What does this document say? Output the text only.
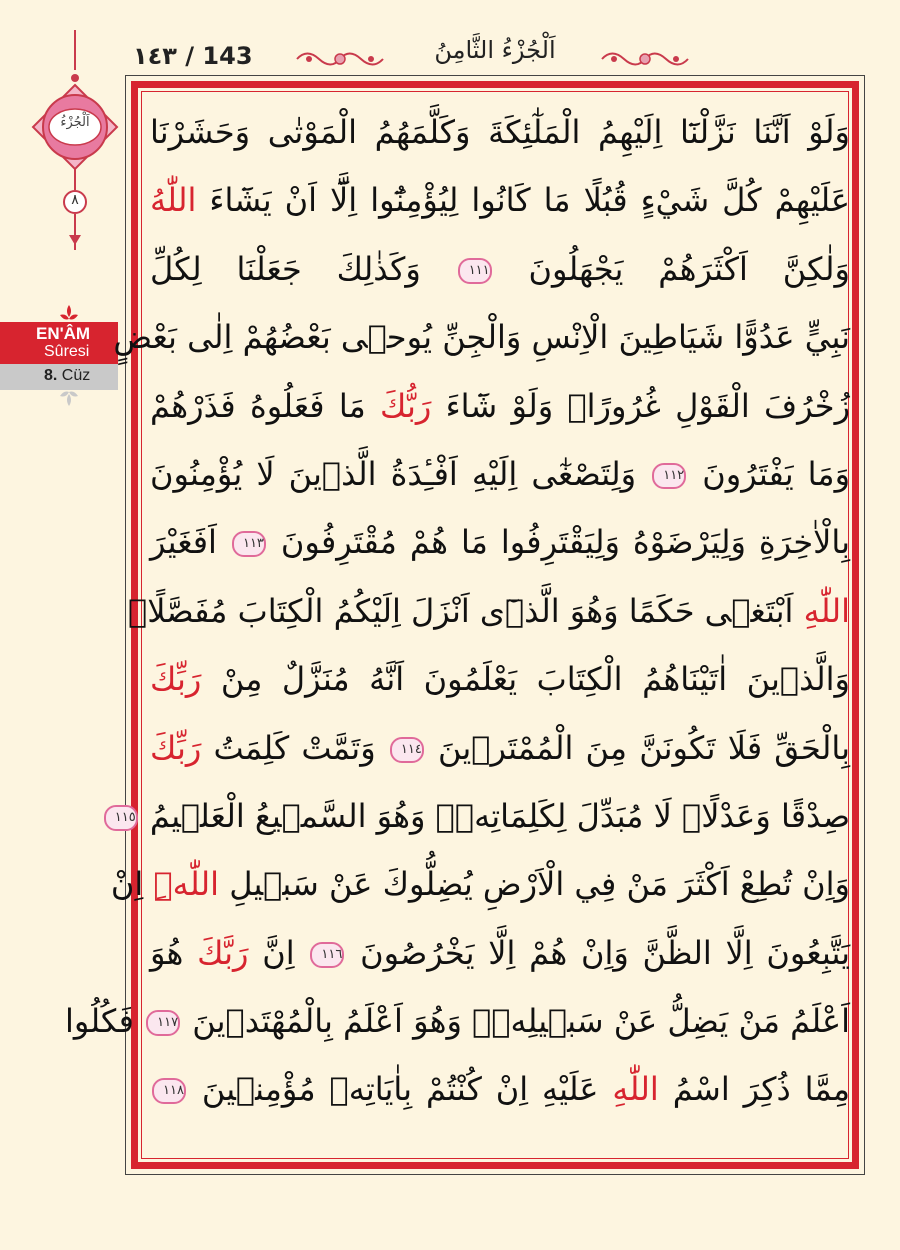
١٤٣ / 143	اَلْجُزْءُ الثَّامِنُ
اَلْجُزْءُ
٨
EN'ÂM
Sûresi
8. Cüz
وَلَوْ اَنَّنَا نَزَّلْنَٓا اِلَيْهِمُ الْمَلٰٓئِكَةَ وَكَلَّمَهُمُ الْمَوْتٰى وَحَشَرْنَا
عَلَيْهِمْ كُلَّ شَيْءٍ قُبُلًا مَا كَانُوا لِيُؤْمِنُٓوا اِلَّٓا اَنْ يَشَٓاءَ اللّٰهُ
وَلٰكِنَّ اَكْثَرَهُمْ يَجْهَلُونَ ١١١ وَكَذٰلِكَ جَعَلْنَا لِكُلِّ
نَبِيٍّ عَدُوًّا شَيَاطِينَ الْاِنْسِ وَالْجِنِّ يُوحٖى بَعْضُهُمْ اِلٰى بَعْضٍ
زُخْرُفَ الْقَوْلِ غُرُورًاۜ وَلَوْ شَٓاءَ رَبُّكَ مَا فَعَلُوهُ فَذَرْهُمْ
وَمَا يَفْتَرُونَ ١١٢ وَلِتَصْغٰٓى اِلَيْهِ اَفْـِٔدَةُ الَّذٖينَ لَا يُؤْمِنُونَ
بِالْاٰخِرَةِ وَلِيَرْضَوْهُ وَلِيَقْتَرِفُوا مَا هُمْ مُقْتَرِفُونَ ١١٣ اَفَغَيْرَ
اللّٰهِ اَبْتَغٖى حَكَمًا وَهُوَ الَّذٖٓى اَنْزَلَ اِلَيْكُمُ الْكِتَابَ مُفَصَّلًاۜ
وَالَّذٖينَ اٰتَيْنَاهُمُ الْكِتَابَ يَعْلَمُونَ اَنَّهُ مُنَزَّلٌ مِنْ رَبِّكَ
بِالْحَقِّ فَلَا تَكُونَنَّ مِنَ الْمُمْتَرٖينَ ١١٤ وَتَمَّتْ كَلِمَتُ رَبِّكَ
صِدْقًا وَعَدْلًاۜ لَا مُبَدِّلَ لِكَلِمَاتِهٖۚ وَهُوَ السَّمٖيعُ الْعَلٖيمُ ١١٥
وَاِنْ تُطِعْ اَكْثَرَ مَنْ فِي الْاَرْضِ يُضِلُّوكَ عَنْ سَبٖيلِ اللّٰهِۜ اِنْ
يَتَّبِعُونَ اِلَّا الظَّنَّ وَاِنْ هُمْ اِلَّا يَخْرُصُونَ ١١٦ اِنَّ رَبَّكَ هُوَ
اَعْلَمُ مَنْ يَضِلُّ عَنْ سَبٖيلِهٖۚ وَهُوَ اَعْلَمُ بِالْمُهْتَدٖينَ ١١٧ فَكُلُوا
مِمَّا ذُكِرَ اسْمُ اللّٰهِ عَلَيْهِ اِنْ كُنْتُمْ بِاٰيَاتِهٖ مُؤْمِنٖينَ ١١٨
